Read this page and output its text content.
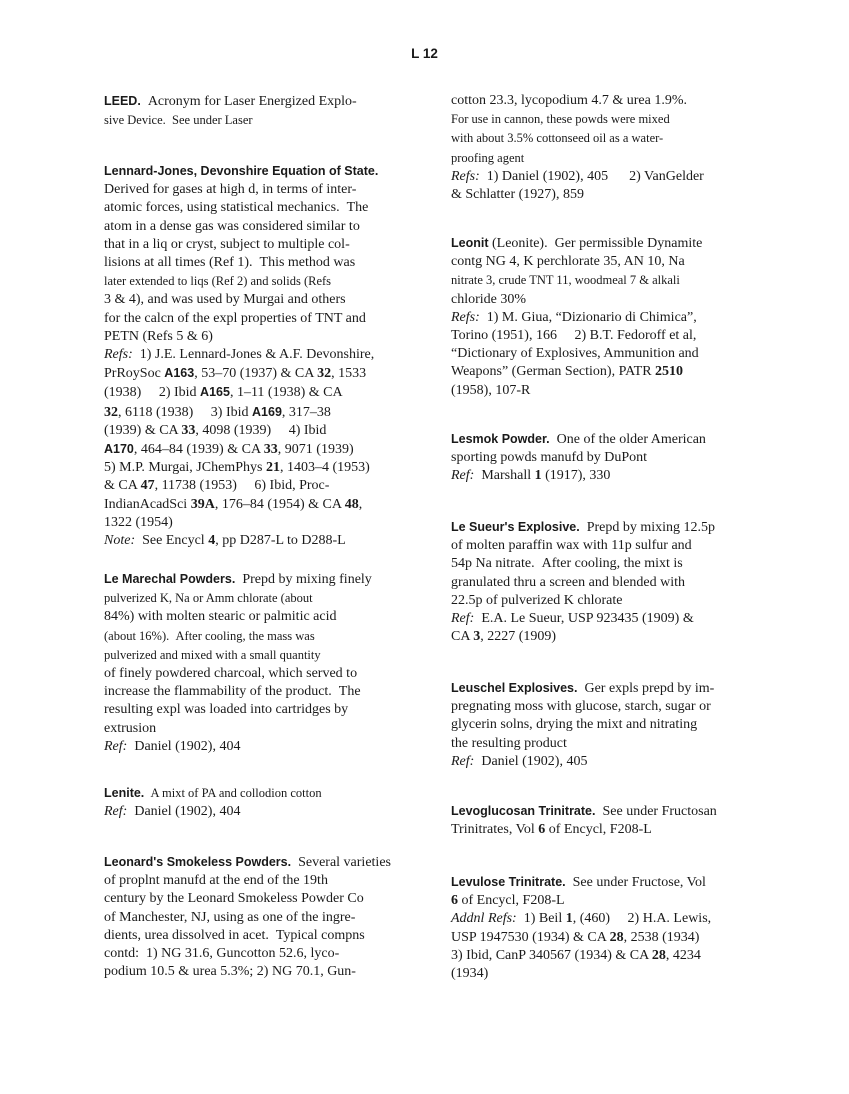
L 12
LEED.  Acronym for Laser Energized Explo-
sive Device.  See under Laser
Lennard-Jones, Devonshire Equation of State.
Derived for gases at high d, in terms of inter-
atomic forces, using statistical mechanics.  The
atom in a dense gas was considered similar to
that in a liq or cryst, subject to multiple col-
lisions at all times (Ref 1).  This method was
later extended to liqs (Ref 2) and solids (Refs
3 & 4), and was used by Murgai and others
for the calcn of the expl properties of TNT and
PETN (Refs 5 & 6)
Refs:  1) J.E. Lennard-Jones & A.F. Devonshire,
PrRoySoc A163, 53–70 (1937) & CA 32, 1533
(1938)     2) Ibid A165, 1–11 (1938) & CA
32, 6118 (1938)     3) Ibid A169, 317–38
(1939) & CA 33, 4098 (1939)     4) Ibid
A170, 464–84 (1939) & CA 33, 9071 (1939)
5) M.P. Murgai, JChemPhys 21, 1403–4 (1953)
& CA 47, 11738 (1953)     6) Ibid, Proc-
IndianAcadSci 39A, 176–84 (1954) & CA 48,
1322 (1954)
Note:  See Encycl 4, pp D287-L to D288-L
Le Marechal Powders.  Prepd by mixing finely
pulverized K, Na or Amm chlorate (about
84%) with molten stearic or palmitic acid
(about 16%).  After cooling, the mass was
pulverized and mixed with a small quantity
of finely powdered charcoal, which served to
increase the flammability of the product.  The
resulting expl was loaded into cartridges by
extrusion
Ref:  Daniel (1902), 404
Lenite.  A mixt of PA and collodion cotton
Ref:  Daniel (1902), 404
Leonard's Smokeless Powders.  Several varieties
of proplnt manufd at the end of the 19th
century by the Leonard Smokeless Powder Co
of Manchester, NJ, using as one of the ingre-
dients, urea dissolved in acet.  Typical compns
contd:  1) NG 31.6, Guncotton 52.6, lyco-
podium 10.5 & urea 5.3%; 2) NG 70.1, Gun-
cotton 23.3, lycopodium 4.7 & urea 1.9%.
For use in cannon, these powds were mixed
with about 3.5% cottonseed oil as a water-
proofing agent
Refs:  1) Daniel (1902), 405      2) VanGelder
& Schlatter (1927), 859
Leonit (Leonite).  Ger permissible Dynamite
contg NG 4, K perchlorate 35, AN 10, Na
nitrate 3, crude TNT 11, woodmeal 7 & alkali
chloride 30%
Refs:  1) M. Giua, “Dizionario di Chimica”,
Torino (1951), 166     2) B.T. Fedoroff et al,
“Dictionary of Explosives, Ammunition and
Weapons” (German Section), PATR 2510
(1958), 107-R
Lesmok Powder.  One of the older American
sporting powds manufd by DuPont
Ref:  Marshall 1 (1917), 330
Le Sueur's Explosive.  Prepd by mixing 12.5p
of molten paraffin wax with 11p sulfur and
54p Na nitrate.  After cooling, the mixt is
granulated thru a screen and blended with
22.5p of pulverized K chlorate
Ref:  E.A. Le Sueur, USP 923435 (1909) &
CA 3, 2227 (1909)
Leuschel Explosives.  Ger expls prepd by im-
pregnating moss with glucose, starch, sugar or
glycerin solns, drying the mixt and nitrating
the resulting product
Ref:  Daniel (1902), 405
Levoglucosan Trinitrate.  See under Fructosan
Trinitrates, Vol 6 of Encycl, F208-L
Levulose Trinitrate.  See under Fructose, Vol
6 of Encycl, F208-L
Addnl Refs:  1) Beil 1, (460)     2) H.A. Lewis,
USP 1947530 (1934) & CA 28, 2538 (1934)
3) Ibid, CanP 340567 (1934) & CA 28, 4234
(1934)
